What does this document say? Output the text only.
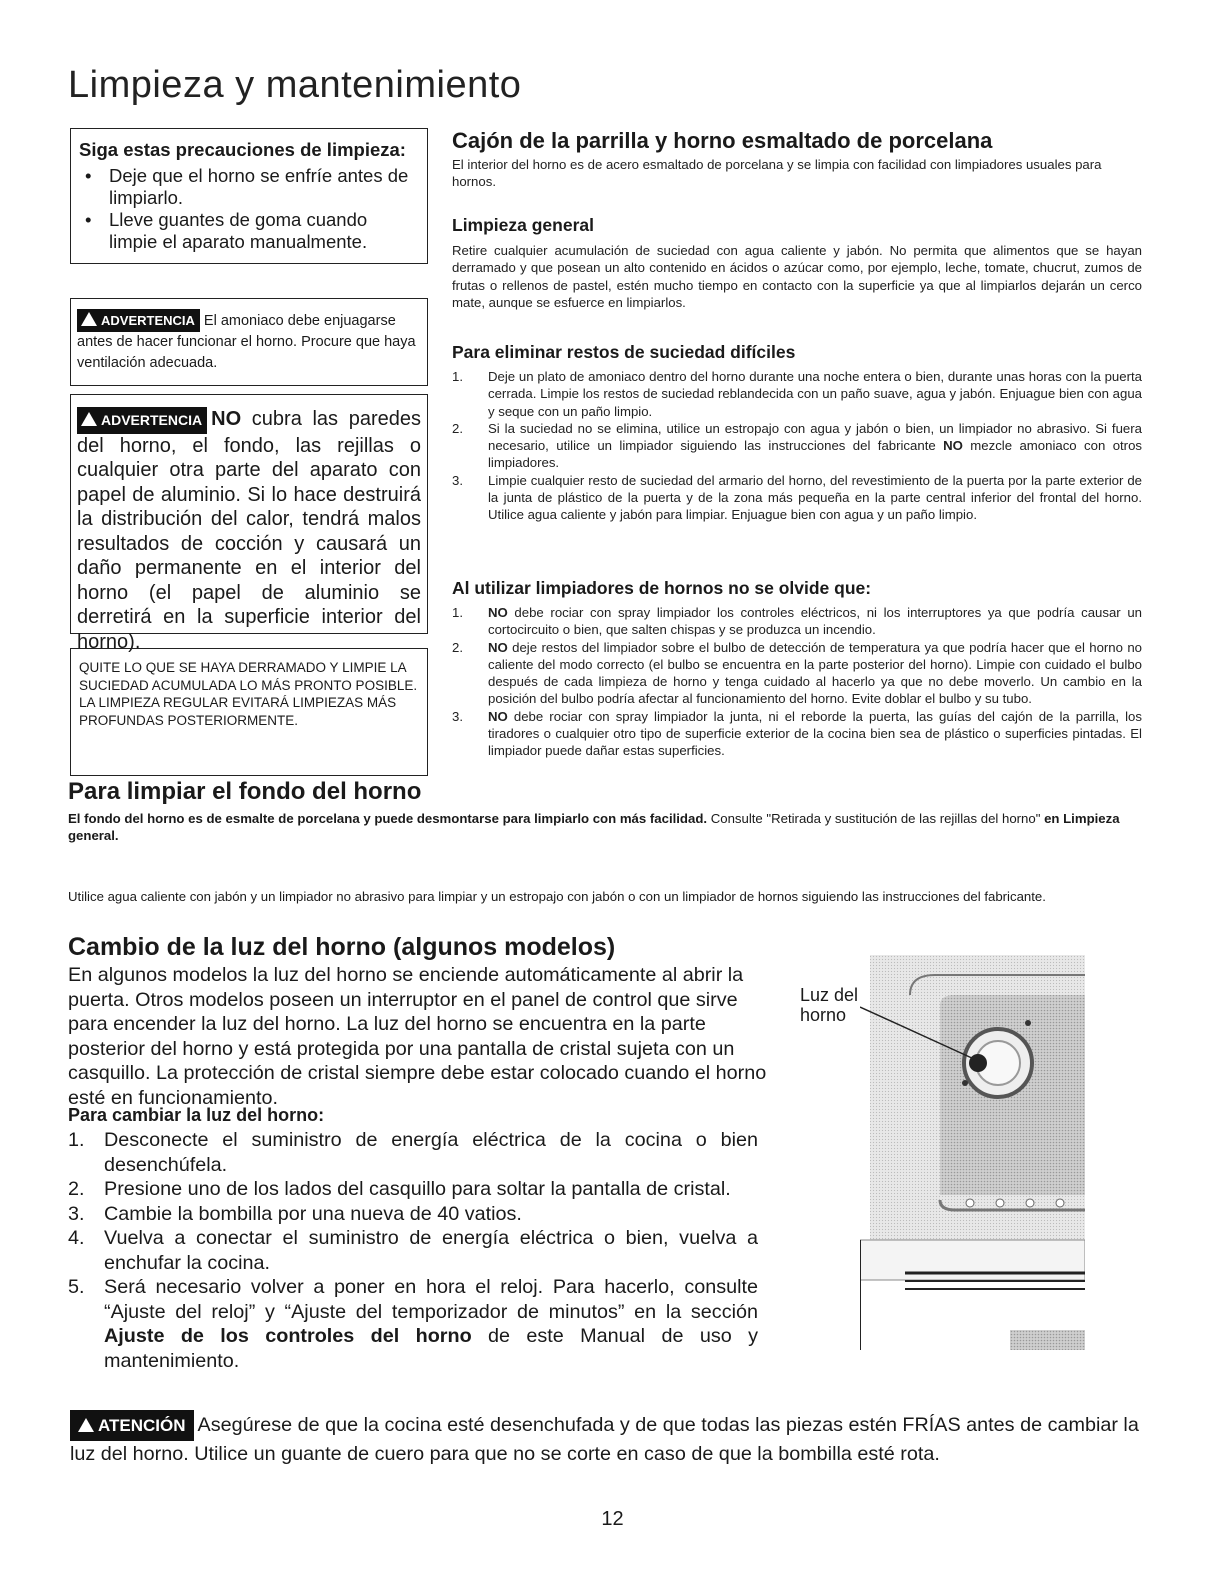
Limpieza y mantenimiento
Siga estas precauciones de limpieza:
• Deje que el horno se enfríe antes de limpiarlo.
• Lleve guantes de goma cuando limpie el aparato manualmente.
ADVERTENCIA El amoniaco debe enjuagarse antes de hacer funcionar el horno. Procure que haya ventilación adecuada.
ADVERTENCIA NO cubra las paredes del horno, el fondo, las rejillas o cualquier otra parte del aparato con papel de aluminio. Si lo hace destruirá la distribución del calor, tendrá malos resultados de cocción y causará un daño permanente en el interior del horno (el papel de aluminio se derretirá en la superficie interior del horno).
QUITE LO QUE SE HAYA DERRAMADO Y LIMPIE LA SUCIEDAD ACUMULADA LO MÁS PRONTO POSIBLE.
LA LIMPIEZA REGULAR EVITARÁ LIMPIEZAS MÁS PROFUNDAS POSTERIORMENTE.
Cajón de la parrilla y horno esmaltado de porcelana
El interior del horno es de acero esmaltado de porcelana y se limpia con facilidad con limpiadores usuales para hornos.
Limpieza general
Retire cualquier acumulación de suciedad con agua caliente y jabón. No permita que alimentos que se hayan derramado y que posean un alto contenido en ácidos o azúcar como, por ejemplo, leche, tomate, chucrut, zumos de frutas o rellenos de pastel, estén mucho tiempo en contacto con la superficie ya que al limpiarlos dejarán un cerco mate, aunque se esfuerce en limpiarlos.
Para eliminar restos de suciedad difíciles
1. Deje un plato de amoniaco dentro del horno durante una noche entera o bien, durante unas horas con la puerta cerrada. Limpie los restos de suciedad reblandecida con un paño suave, agua y jabón. Enjuague bien con agua y seque con un paño limpio.
2. Si la suciedad no se elimina, utilice un estropajo con agua y jabón o bien, un limpiador no abrasivo. Si fuera necesario, utilice un limpiador siguiendo las instrucciones del fabricante NO mezcle amoniaco con otros limpiadores.
3. Limpie cualquier resto de suciedad del armario del horno, del revestimiento de la puerta por la parte exterior de la junta de plástico de la puerta y de la zona más pequeña en la parte central inferior del frontal del horno. Utilice agua caliente y jabón para limpiar. Enjuague bien con agua y un paño limpio.
Al utilizar limpiadores de hornos no se olvide que:
1. NO debe rociar con spray limpiador los controles eléctricos, ni los interruptores ya que podría causar un cortocircuito o bien, que salten chispas y se produzca un incendio.
2. NO deje restos del limpiador sobre el bulbo de detección de temperatura ya que podría hacer que el horno no caliente del modo correcto (el bulbo se encuentra en la parte posterior del horno). Limpie con cuidado el bulbo después de cada limpieza de horno y tenga cuidado al hacerlo ya que no debe moverlo. Un cambio en la posición del bulbo podría afectar al funcionamiento del horno. Evite doblar el bulbo y su tubo.
3. NO debe rociar con spray limpiador la junta, ni el reborde la puerta, las guías del cajón de la parrilla, los tiradores o cualquier otro tipo de superficie exterior de la cocina bien sea de plástico o superficies pintadas. El limpiador puede dañar estas superficies.
Para limpiar el fondo del horno
El fondo del horno es de esmalte de porcelana y puede desmontarse para limpiarlo con más facilidad. Consulte "Retirada y sustitución de las rejillas del horno" en Limpieza general.
Utilice agua caliente con jabón y un limpiador no abrasivo para limpiar y un estropajo con jabón o con un limpiador de hornos siguiendo las instrucciones del fabricante.
Cambio de la luz del horno (algunos modelos)
En algunos modelos la luz del horno se enciende automáticamente al abrir la puerta. Otros modelos poseen un interruptor en el panel de control que sirve para encender la luz del horno. La luz del horno se encuentra en la parte posterior del horno y está protegida por una pantalla de cristal sujeta con un casquillo. La protección de cristal siempre debe estar colocado cuando el horno esté en funcionamiento.
Para cambiar la luz del horno:
1. Desconecte el suministro de energía eléctrica de la cocina o bien desenchúfela.
2. Presione uno de los lados del casquillo para soltar la pantalla de cristal.
3. Cambie la bombilla por una nueva de 40 vatios.
4. Vuelva a conectar el suministro de energía eléctrica o bien, vuelva a enchufar la cocina.
5. Será necesario volver a poner en hora el reloj. Para hacerlo, consulte “Ajuste del reloj” y “Ajuste del temporizador de minutos” en la sección Ajuste de los controles del horno de este Manual de uso y mantenimiento.
Luz del horno
ATENCIÓN Asegúrese de que la cocina esté desenchufada y de que todas las piezas estén FRÍAS antes de cambiar la luz del horno. Utilice un guante de cuero para que no se corte en caso de que la bombilla esté rota.
12
